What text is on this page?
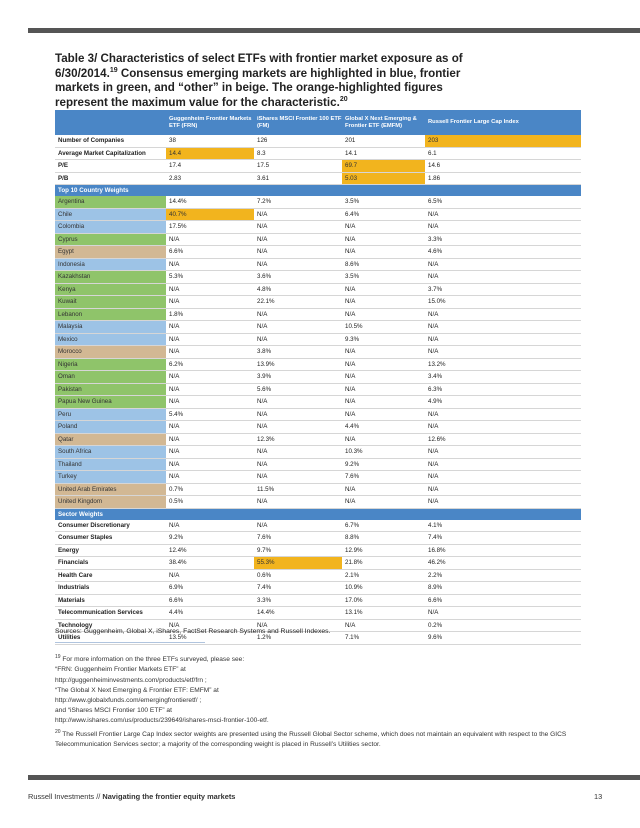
Table 3/ Characteristics of select ETFs with frontier market exposure as of 6/30/2014.19 Consensus emerging markets are highlighted in blue, frontier markets in green, and “other” in beige. The orange-highlighted figures represent the maximum value for the characteristic.$^{20}$
	Guggenheim Frontier Markets ETF (FRN)	iShares MSCI Frontier 100 ETF (FM)	Global X Next Emerging & Frontier ETF (EMFM)	Russell Frontier Large Cap Index
Number of Companies	38	126	201	203
Average Market Capitalization	14.4	8.3	14.1	6.1
P/E	17.4	17.5	69.7	14.6
P/B	2.83	3.61	5.03	1.86
Top 10 Country Weights				
Argentina	14.4%	7.2%	3.5%	6.5%
Chile	40.7%	N/A	6.4%	N/A
Colombia	17.5%	N/A	N/A	N/A
Cyprus	N/A	N/A	N/A	3.3%
Egypt	6.6%	N/A	N/A	4.6%
Indonesia	N/A	N/A	8.6%	N/A
Kazakhstan	5.3%	3.6%	3.5%	N/A
Kenya	N/A	4.8%	N/A	3.7%
Kuwait	N/A	22.1%	N/A	15.0%
Lebanon	1.8%	N/A	N/A	N/A
Malaysia	N/A	N/A	10.5%	N/A
Mexico	N/A	N/A	9.3%	N/A
Morocco	N/A	3.8%	N/A	N/A
Nigeria	6.2%	13.9%	N/A	13.2%
Oman	N/A	3.9%	N/A	3.4%
Pakistan	N/A	5.6%	N/A	6.3%
Papua New Guinea	N/A	N/A	N/A	4.9%
Peru	5.4%	N/A	N/A	N/A
Poland	N/A	N/A	4.4%	N/A
Qatar	N/A	12.3%	N/A	12.6%
South Africa	N/A	N/A	10.3%	N/A
Thailand	N/A	N/A	9.2%	N/A
Turkey	N/A	N/A	7.6%	N/A
United Arab Emirates	0.7%	11.5%	N/A	N/A
United Kingdom	0.5%	N/A	N/A	N/A
Sector Weights				
Consumer Discretionary	N/A	N/A	6.7%	4.1%
Consumer Staples	9.2%	7.6%	8.8%	7.4%
Energy	12.4%	9.7%	12.9%	16.8%
Financials	38.4%	55.3%	21.8%	46.2%
Health Care	N/A	0.6%	2.1%	2.2%
Industrials	6.9%	7.4%	10.9%	8.9%
Materials	6.6%	3.3%	17.0%	6.6%
Telecommunication Services	4.4%	14.4%	13.1%	N/A
Technology	N/A	N/A	N/A	0.2%
Utilities	13.5%	1.2%	7.1%	9.6%
Sources: Guggenheim, Global X, iShares, FactSet Research Systems and Russell Indexes.
$^{19}$ For more information on the three ETFs surveyed, please see:
“FRN: Guggenheim Frontier Markets ETF” at
http://guggenheiminvestments.com/products/etf/frn ;
“The Global X Next Emerging & Frontier ETF: EMFM” at
http://www.globalxfunds.com/emergingfrontieretf/ ;
and “iShares MSCI Frontier 100 ETF” at
http://www.ishares.com/us/products/239649/ishares-msci-frontier-100-etf.
$^{20}$ The Russell Frontier Large Cap Index sector weights are presented using the Russell Global Sector scheme, which does not maintain an equivalent with respect to the GICS Telecommunication Services sector; a majority of the corresponding weight is placed in Russell’s Utilities sector.
Russell Investments // Navigating the frontier equity markets	13
